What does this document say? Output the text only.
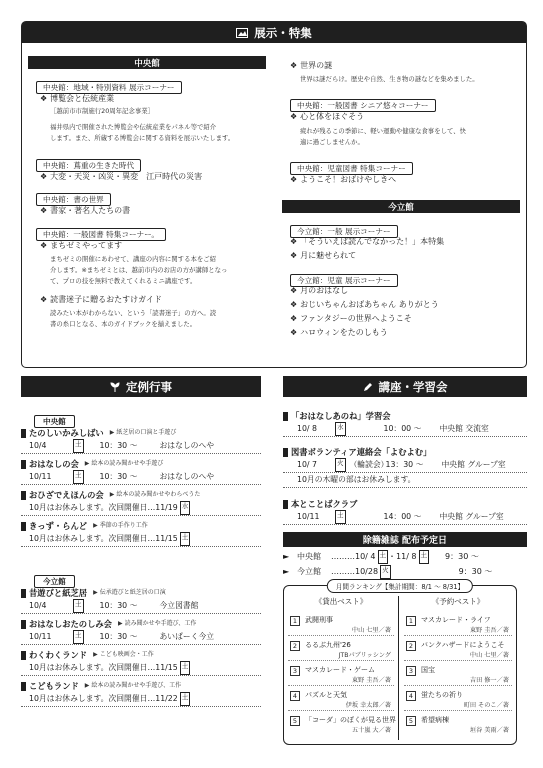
展示・特集
中央館
中央館：地域・特別資料 展示コーナー
❖ 博覧会と伝統産業
［越前市市制施行20周年記念事業］
福井県内で開催された博覧会や伝統産業をパネル等で紹介
します。また、所蔵する博覧会に関する資料を展示いたします。
中央館：蔦重の生きた時代
❖ 大変・天災・凶災・異変　江戸時代の災害
中央館：書の世界
❖ 書家・著名人たちの書
中央館：一般図書 特集コーナー。
❖ まちゼミやってます
まちゼミの開催にあわせて、講座の内容に関する本をご紹
介します。※まちゼミとは、越前市内のお店の方が講師となっ
て、プロの技を無料で教えてくれるミニ講座です。
❖ 読書迷子に贈るおたすけガイド
読みたい本がわからない、という「読書迷子」の方へ。読
書の糸口となる、本のガイドブックを揃えました。
❖ 世界の謎
世界は謎だらけ。歴史や自然、生き物の謎などを集めました。
中央館：一般図書 シニア悠々コーナー
❖ 心と体をほぐそう
疲れが残るこの季節に、軽い運動や健康な食事をして、快
適に過ごしませんか。
中央館：児童図書 特集コーナー
❖ ようこそ！おばけやしきへ
今立館
今立館：一般 展示コーナー
❖ 「そういえば読んでなかった！」本特集
❖ 月に魅せられて
今立館：児童 展示コーナー
❖ 月のおはなし
❖ おじいちゃんおばあちゃん ありがとう
❖ ファンタジーの世界へようこそ
❖ ハロウィンをたのしもう
定例行事
中央館
たのしいかみしばい ▶ 紙芝居の口演と手遊び
10/4	土 10：30 〜	おはなしのへや
おはなしの会 ▶ 絵本の読み聞かせや手遊び
10/11	土 10：30 〜	おはなしのへや
おひざでえほんの会 ▶ 絵本の読み聞かせやわらべうた
10月はお休みします。次回開催日…11/19 水
きっず・らんど ▶ 季節の手作り工作
10月はお休みします。次回開催日…11/15 土
今立館
昔遊びと紙芝居 ▶ 伝承遊びと紙芝居の口演
10/4	土 10：30 〜	今立図書館
おはなしおたのしみ会 ▶ 読み聞かせや手遊び、工作
10/11	土 10：30 〜	あいぱーく今立
わくわくランド ▶ こども映画会・工作
10月はお休みします。次回開催日…11/15 土
こどもランド ▶ 絵本の読み聞かせや手遊び、工作
10月はお休みします。次回開催日…11/22 土
講座・学習会
「おはなしあのね」学習会
10/ 8	水	10：00 〜	中央館 交流室
図書ボランティア連絡会「よむよむ」
10/ 7	火 （輪読会）
13：30 〜	中央館 グループ室
10月の木曜の部はお休みします。
本とことばクラブ
10/11	土	14：00 〜	中央館 グループ室
除籍雑誌 配布予定日
► 中央館	……… 10/ 4 土 ・11/ 8 土 9：30 〜
► 今立館	……… 10/28 火	9：30 〜
月間ランキング【集計期間：8/1 〜 8/31】
《貸出ベスト》
1	武闘刑事
中山 七里／著
2	るるぶ九州'26
JTBパブリッシング
3	マスカレード・ゲーム
東野 圭吾／著
4	パズルと天気
伊坂 幸太郎／著
5	「コーダ」のぼくが見る世界
五十嵐 大／著
《予約ベスト》
1	マスカレード・ライフ
東野 圭吾／著
2	バンクハザードにようこそ
中山 七里／著
3	国宝
吉田 修一／著
4	蛍たちの祈り
町田 そのこ／著
5	希望病棟
垣谷 美雨／著
